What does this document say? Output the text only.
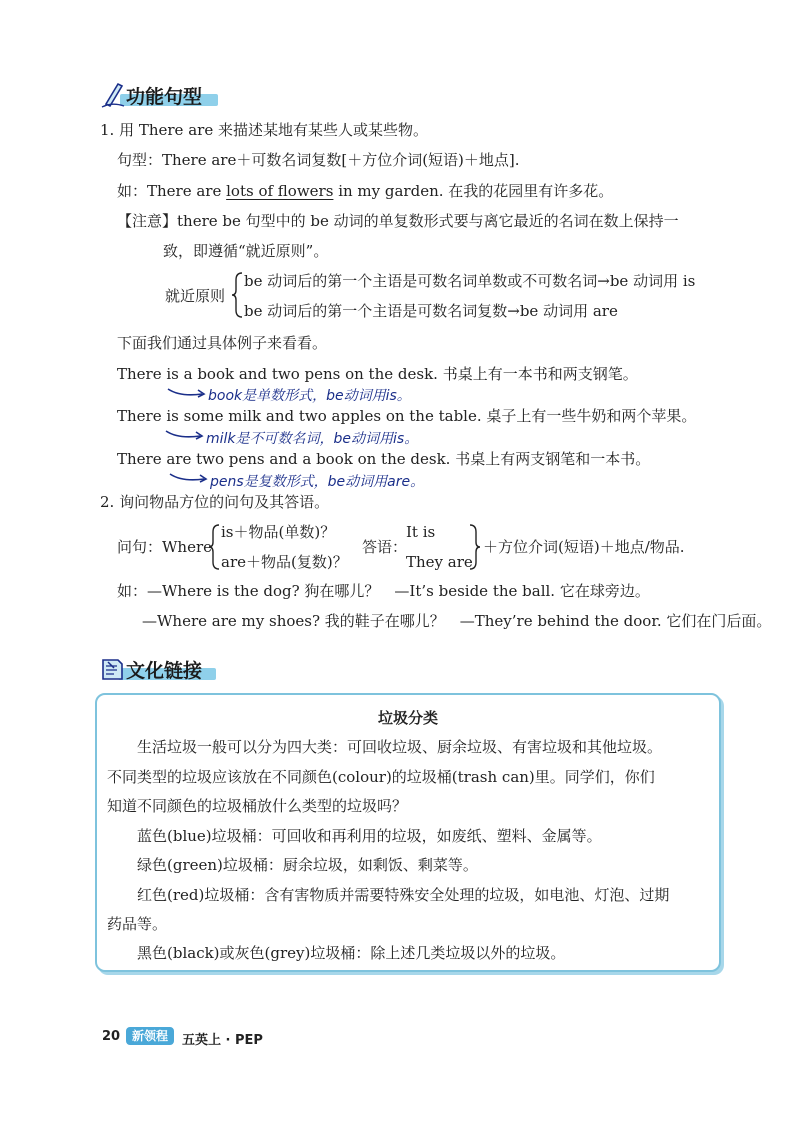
功能句型
1. 用 There are 来描述某地有某些人或某些物。
句型：There are＋可数名词复数[＋方位介词(短语)＋地点].
如：There are lots of flowers in my garden. 在我的花园里有许多花。
【注意】there be 句型中的 be 动词的单复数形式要与离它最近的名词在数上保持一
致，即遵循“就近原则”。
就近原则
be 动词后的第一个主语是可数名词单数或不可数名词→be 动词用 is
be 动词后的第一个主语是可数名词复数→be 动词用 are
下面我们通过具体例子来看看。
There is a book and two pens on the desk. 书桌上有一本书和两支钢笔。
book是单数形式，be动词用is。
There is some milk and two apples on the table. 桌子上有一些牛奶和两个苹果。
milk是不可数名词，be动词用is。
There are two pens and a book on the desk. 书桌上有两支钢笔和一本书。
pens是复数形式，be动词用are。
2. 询问物品方位的问句及其答语。
问句：Where
is＋物品(单数)？
are＋物品(复数)？
答语：
It is
They are
＋方位介词(短语)＋地点/物品.
如：—Where is the dog? 狗在哪儿？　—It’s beside the ball. 它在球旁边。
—Where are my shoes? 我的鞋子在哪儿？　—They’re behind the door. 它们在门后面。
文化链接
垃圾分类
生活垃圾一般可以分为四大类：可回收垃圾、厨余垃圾、有害垃圾和其他垃圾。
不同类型的垃圾应该放在不同颜色(colour)的垃圾桶(trash can)里。同学们，你们
知道不同颜色的垃圾桶放什么类型的垃圾吗？
蓝色(blue)垃圾桶：可回收和再利用的垃圾，如废纸、塑料、金属等。
绿色(green)垃圾桶：厨余垃圾，如剩饭、剩菜等。
红色(red)垃圾桶：含有害物质并需要特殊安全处理的垃圾，如电池、灯泡、过期
药品等。
黑色(black)或灰色(grey)垃圾桶：除上述几类垃圾以外的垃圾。
20 新领程	五英上 · PEP
